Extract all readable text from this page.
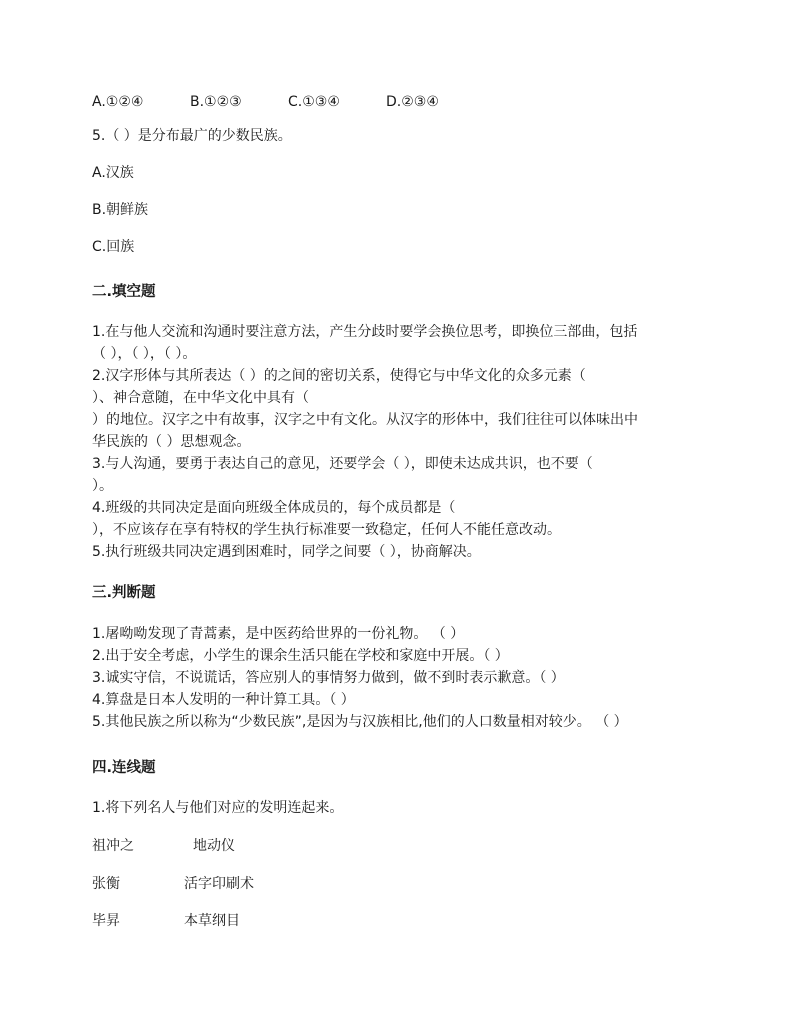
A.①②④	B.①②③	C.①③④	D.②③④
5.（ ）是分布最广的少数民族。
A.汉族
B.朝鲜族
C.回族
二.填空题
1.在与他人交流和沟通时要注意方法，产生分歧时要学会换位思考，即换位三部曲，包括
（ ），（ ），（ ）。
2.汉字形体与其所表达（ ）的之间的密切关系，使得它与中华文化的众多元素（
）、神合意随，在中华文化中具有（
）的地位。汉字之中有故事，汉字之中有文化。从汉字的形体中，我们往往可以体味出中
华民族的（ ）思想观念。
3.与人沟通，要勇于表达自己的意见，还要学会（ ），即使未达成共识，也不要（
）。
4.班级的共同决定是面向班级全体成员的，每个成员都是（
），不应该存在享有特权的学生执行标准要一致稳定，任何人不能任意改动。
5.执行班级共同决定遇到困难时，同学之间要（ ），协商解决。
三.判断题
1.屠呦呦发现了青蒿素，是中医药给世界的一份礼物。 （ ）
2.出于安全考虑，小学生的课余生活只能在学校和家庭中开展。（ ）
3.诚实守信，不说谎话，答应别人的事情努力做到，做不到时表示歉意。（ ）
4.算盘是日本人发明的一种计算工具。（ ）
5.其他民族之所以称为“少数民族”,是因为与汉族相比,他们的人口数量相对较少。 （ ）
四.连线题
1.将下列名人与他们对应的发明连起来。
祖冲之	地动仪
张衡	活字印刷术
毕昇	本草纲目
